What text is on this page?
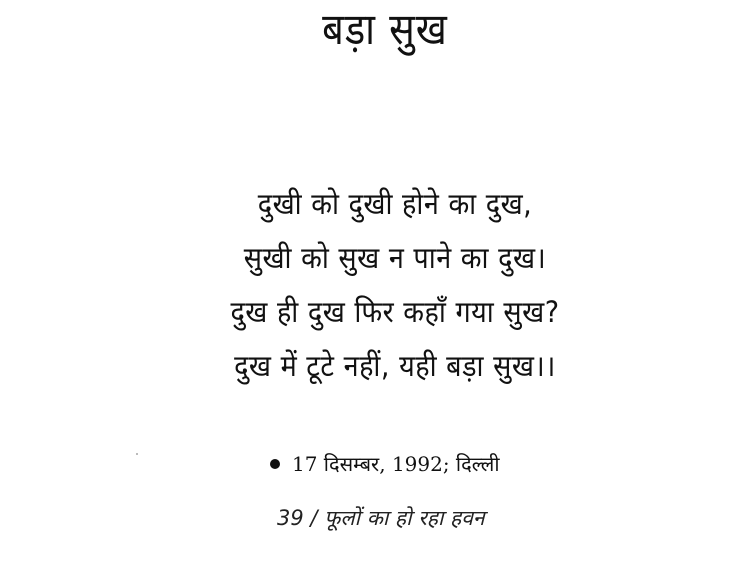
बड़ा सुख
दुखी को दुखी होने का दुख,
सुखी को सुख न पाने का दुख।
दुख ही दुख फिर कहाँ गया सुख?
दुख में टूटे नहीं, यही बड़ा सुख।।
17 दिसम्बर, 1992; दिल्ली
39 / फूलों का हो रहा हवन
